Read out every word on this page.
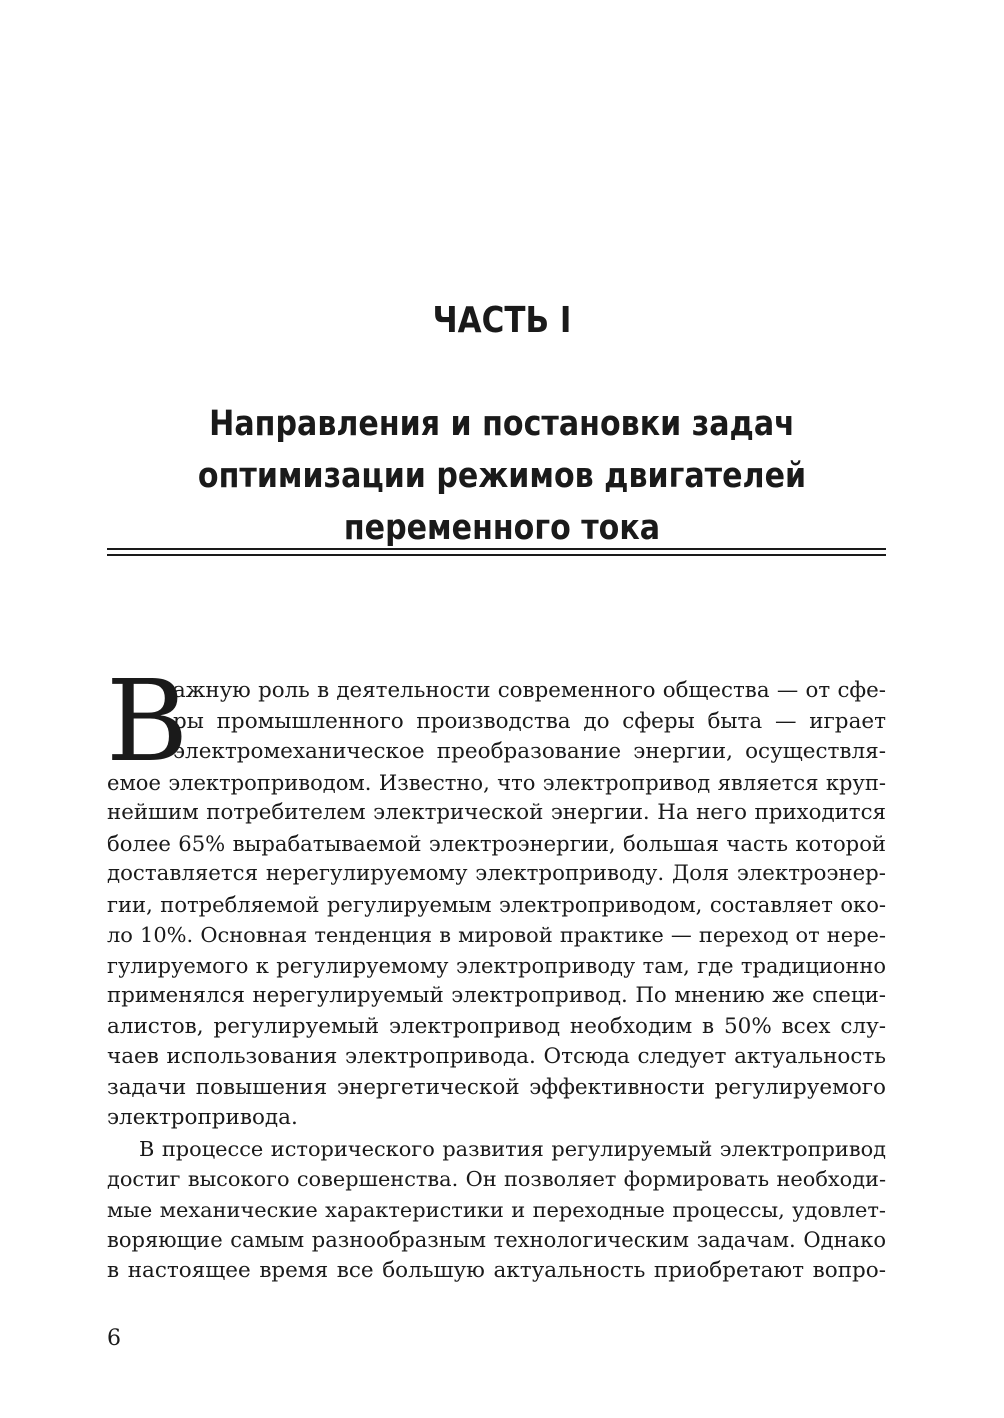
ЧАСТЬ I
Направления и постановки задач
оптимизации режимов двигателей
переменного тока
В
ажную роль в деятельности современного общества — от сфе-
ры промышленного производства до сферы быта — играет
электромеханическое преобразование энергии, осуществля-
емое электроприводом. Известно, что электропривод является круп-
нейшим потребителем электрической энергии. На него приходится
более 65% вырабатываемой электроэнергии, большая часть которой
доставляется нерегулируемому электроприводу. Доля электроэнер-
гии, потребляемой регулируемым электроприводом, составляет око-
ло 10%. Основная тенденция в мировой практике — переход от нере-
гулируемого к регулируемому электроприводу там, где традиционно
применялся нерегулируемый электропривод. По мнению же специ-
алистов, регулируемый электропривод необходим в 50% всех слу-
чаев использования электропривода. Отсюда следует актуальность
задачи повышения энергетической эффективности регулируемого
электропривода.
В процессе исторического развития регулируемый электропривод
достиг высокого совершенства. Он позволяет формировать необходи-
мые механические характеристики и переходные процессы, удовлет-
воряющие самым разнообразным технологическим задачам. Однако
в настоящее время все большую актуальность приобретают вопро-
6
